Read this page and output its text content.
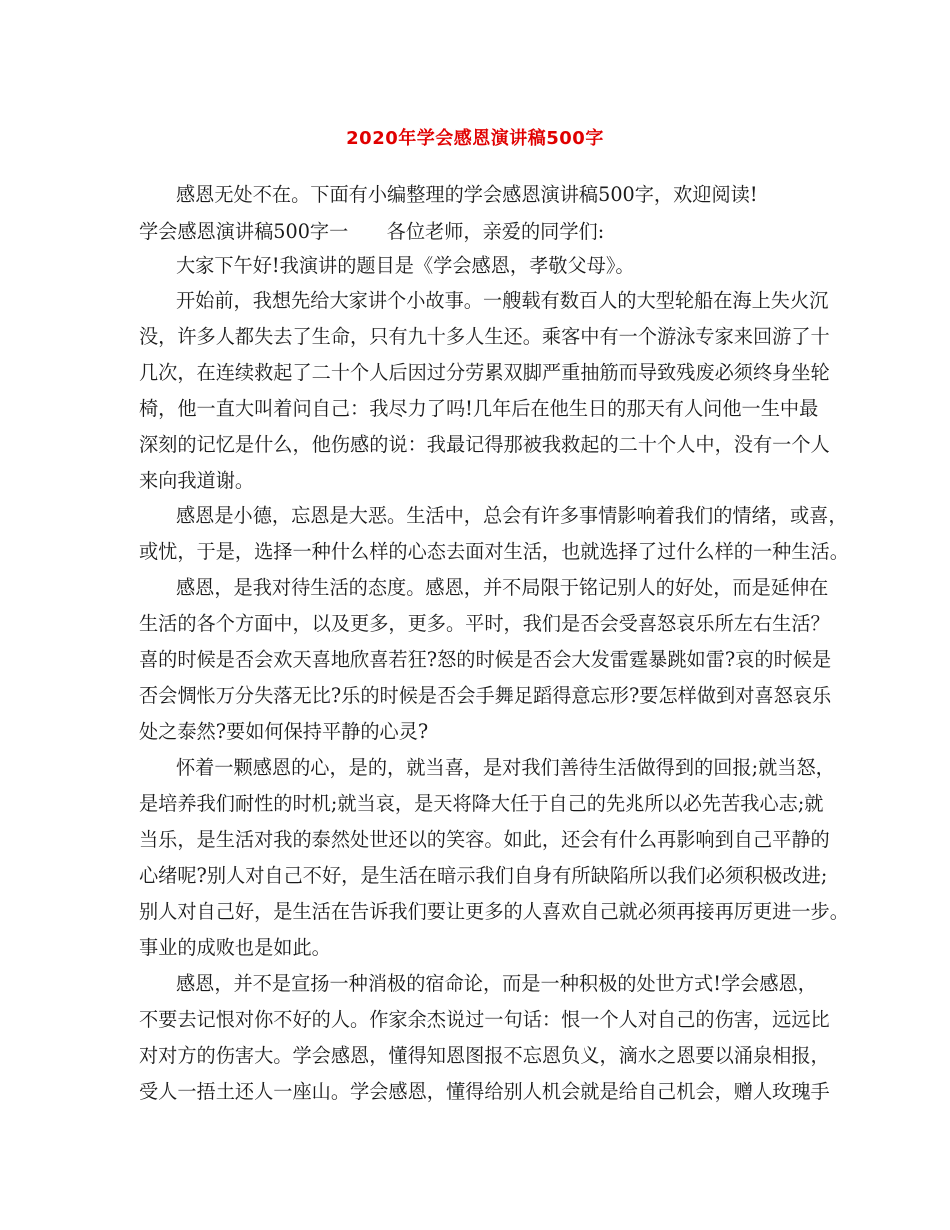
2020年学会感恩演讲稿500字
感恩无处不在。下面有小编整理的学会感恩演讲稿500字，欢迎阅读!
学会感恩演讲稿500字一　　各位老师，亲爱的同学们:
大家下午好!我演讲的题目是《学会感恩，孝敬父母》。
开始前，我想先给大家讲个小故事。一艘载有数百人的大型轮船在海上失火沉
没，许多人都失去了生命，只有九十多人生还。乘客中有一个游泳专家来回游了十
几次，在连续救起了二十个人后因过分劳累双脚严重抽筋而导致残废必须终身坐轮
椅，他一直大叫着问自己：我尽力了吗!几年后在他生日的那天有人问他一生中最
深刻的记忆是什么，他伤感的说：我最记得那被我救起的二十个人中，没有一个人
来向我道谢。
感恩是小德，忘恩是大恶。生活中，总会有许多事情影响着我们的情绪，或喜，
或忧，于是，选择一种什么样的心态去面对生活，也就选择了过什么样的一种生活。
感恩，是我对待生活的态度。感恩，并不局限于铭记别人的好处，而是延伸在
生活的各个方面中，以及更多，更多。平时，我们是否会受喜怒哀乐所左右生活？
喜的时候是否会欢天喜地欣喜若狂?怒的时候是否会大发雷霆暴跳如雷?哀的时候是
否会惆怅万分失落无比?乐的时候是否会手舞足蹈得意忘形?要怎样做到对喜怒哀乐
处之泰然?要如何保持平静的心灵?
怀着一颗感恩的心，是的，就当喜，是对我们善待生活做得到的回报;就当怒，
是培养我们耐性的时机;就当哀，是天将降大任于自己的先兆所以必先苦我心志;就
当乐，是生活对我的泰然处世还以的笑容。如此，还会有什么再影响到自己平静的
心绪呢?别人对自己不好，是生活在暗示我们自身有所缺陷所以我们必须积极改进;
别人对自己好，是生活在告诉我们要让更多的人喜欢自己就必须再接再厉更进一步。
事业的成败也是如此。
感恩，并不是宣扬一种消极的宿命论，而是一种积极的处世方式!学会感恩，
不要去记恨对你不好的人。作家余杰说过一句话：恨一个人对自己的伤害，远远比
对对方的伤害大。学会感恩，懂得知恩图报不忘恩负义，滴水之恩要以涌泉相报，
受人一捂土还人一座山。学会感恩，懂得给别人机会就是给自己机会，赠人玫瑰手
